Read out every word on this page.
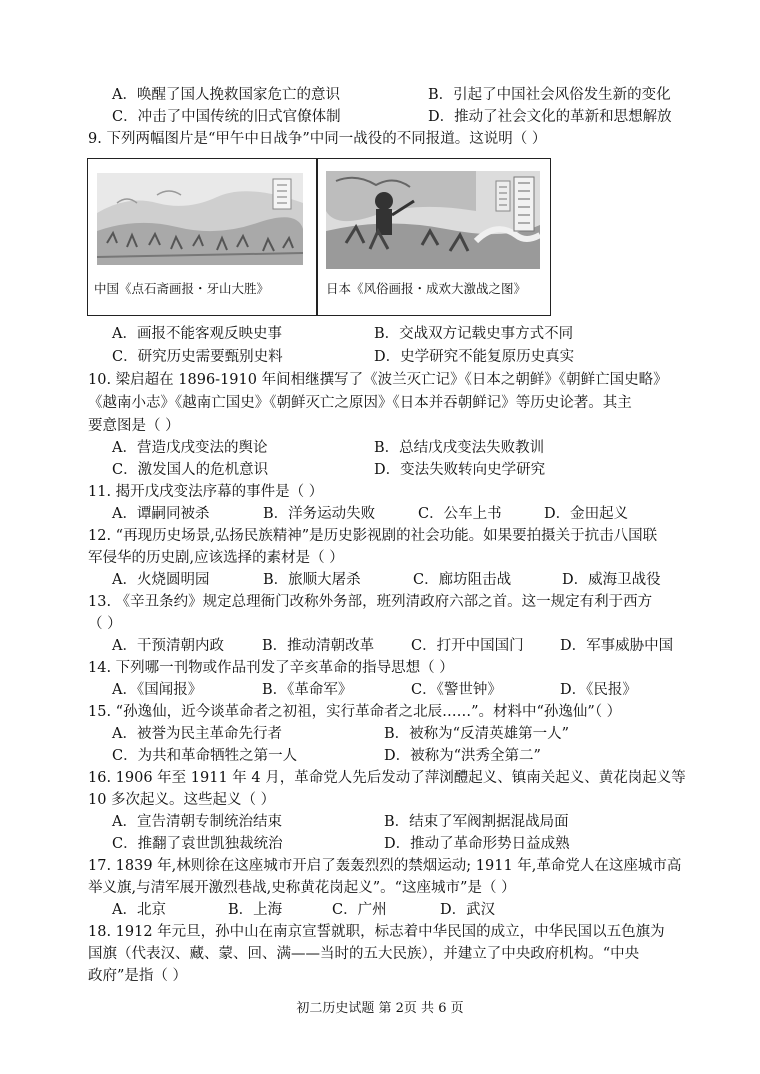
A．唤醒了国人挽救国家危亡的意识	B．引起了中国社会风俗发生新的变化
C．冲击了中国传统的旧式官僚体制	D．推动了社会文化的革新和思想解放
9. 下列两幅图片是“甲午中日战争”中同一战役的不同报道。这说明（ ）
中国《点石斋画报・牙山大胜》	日本《风俗画报・成欢大激战之图》
A．画报不能客观反映史事	B．交战双方记载史事方式不同
C．研究历史需要甄别史料	D．史学研究不能复原历史真实
10. 梁启超在 1896-1910 年间相继撰写了《波兰灭亡记》《日本之朝鲜》《朝鲜亡国史略》
《越南小志》《越南亡国史》《朝鲜灭亡之原因》《日本并吞朝鲜记》等历史论著。其主
要意图是（ ）
A．营造戊戌变法的舆论	B．总结戊戌变法失败教训
C．激发国人的危机意识	D．变法失败转向史学研究
11. 揭开戊戌变法序幕的事件是（ ）
A．谭嗣同被杀	B．洋务运动失败	C．公车上书	D．金田起义
12. “再现历史场景,弘扬民族精神”是历史影视剧的社会功能。如果要拍摄关于抗击八国联
军侵华的历史剧,应该选择的素材是（ ）
A．火烧圆明园	B．旅顺大屠杀	C．廊坊阻击战	D．威海卫战役
13. 《辛丑条约》规定总理衙门改称外务部，班列清政府六部之首。这一规定有利于西方
（ ）
A．干预清朝内政	B．推动清朝改革	C．打开中国国门	D．军事威胁中国
14. 下列哪一刊物或作品刊发了辛亥革命的指导思想（ ）
A．《国闻报》	B．《革命军》	C．《警世钟》	D．《民报》
15. “孙逸仙，近今谈革命者之初祖，实行革命者之北辰……”。材料中“孙逸仙”（ ）
A．被誉为民主革命先行者	B．被称为“反清英雄第一人”
C．为共和革命牺牲之第一人	D．被称为“洪秀全第二”
16. 1906 年至 1911 年 4 月，革命党人先后发动了萍浏醴起义、镇南关起义、黄花岗起义等
10 多次起义。这些起义（ ）
A．宣告清朝专制统治结束	B．结束了军阀割据混战局面
C．推翻了袁世凯独裁统治	D．推动了革命形势日益成熟
17. 1839 年,林则徐在这座城市开启了轰轰烈烈的禁烟运动; 1911 年,革命党人在这座城市高
举义旗,与清军展开激烈巷战,史称黄花岗起义”。“这座城市”是（ ）
A．北京	B．上海	C．广州	D．武汉
18. 1912 年元旦，孙中山在南京宣誓就职，标志着中华民国的成立，中华民国以五色旗为
国旗（代表汉、藏、蒙、回、满——当时的五大民族），并建立了中央政府机构。“中央
政府”是指（ ）
初二历史试题 第 2页 共 6 页
